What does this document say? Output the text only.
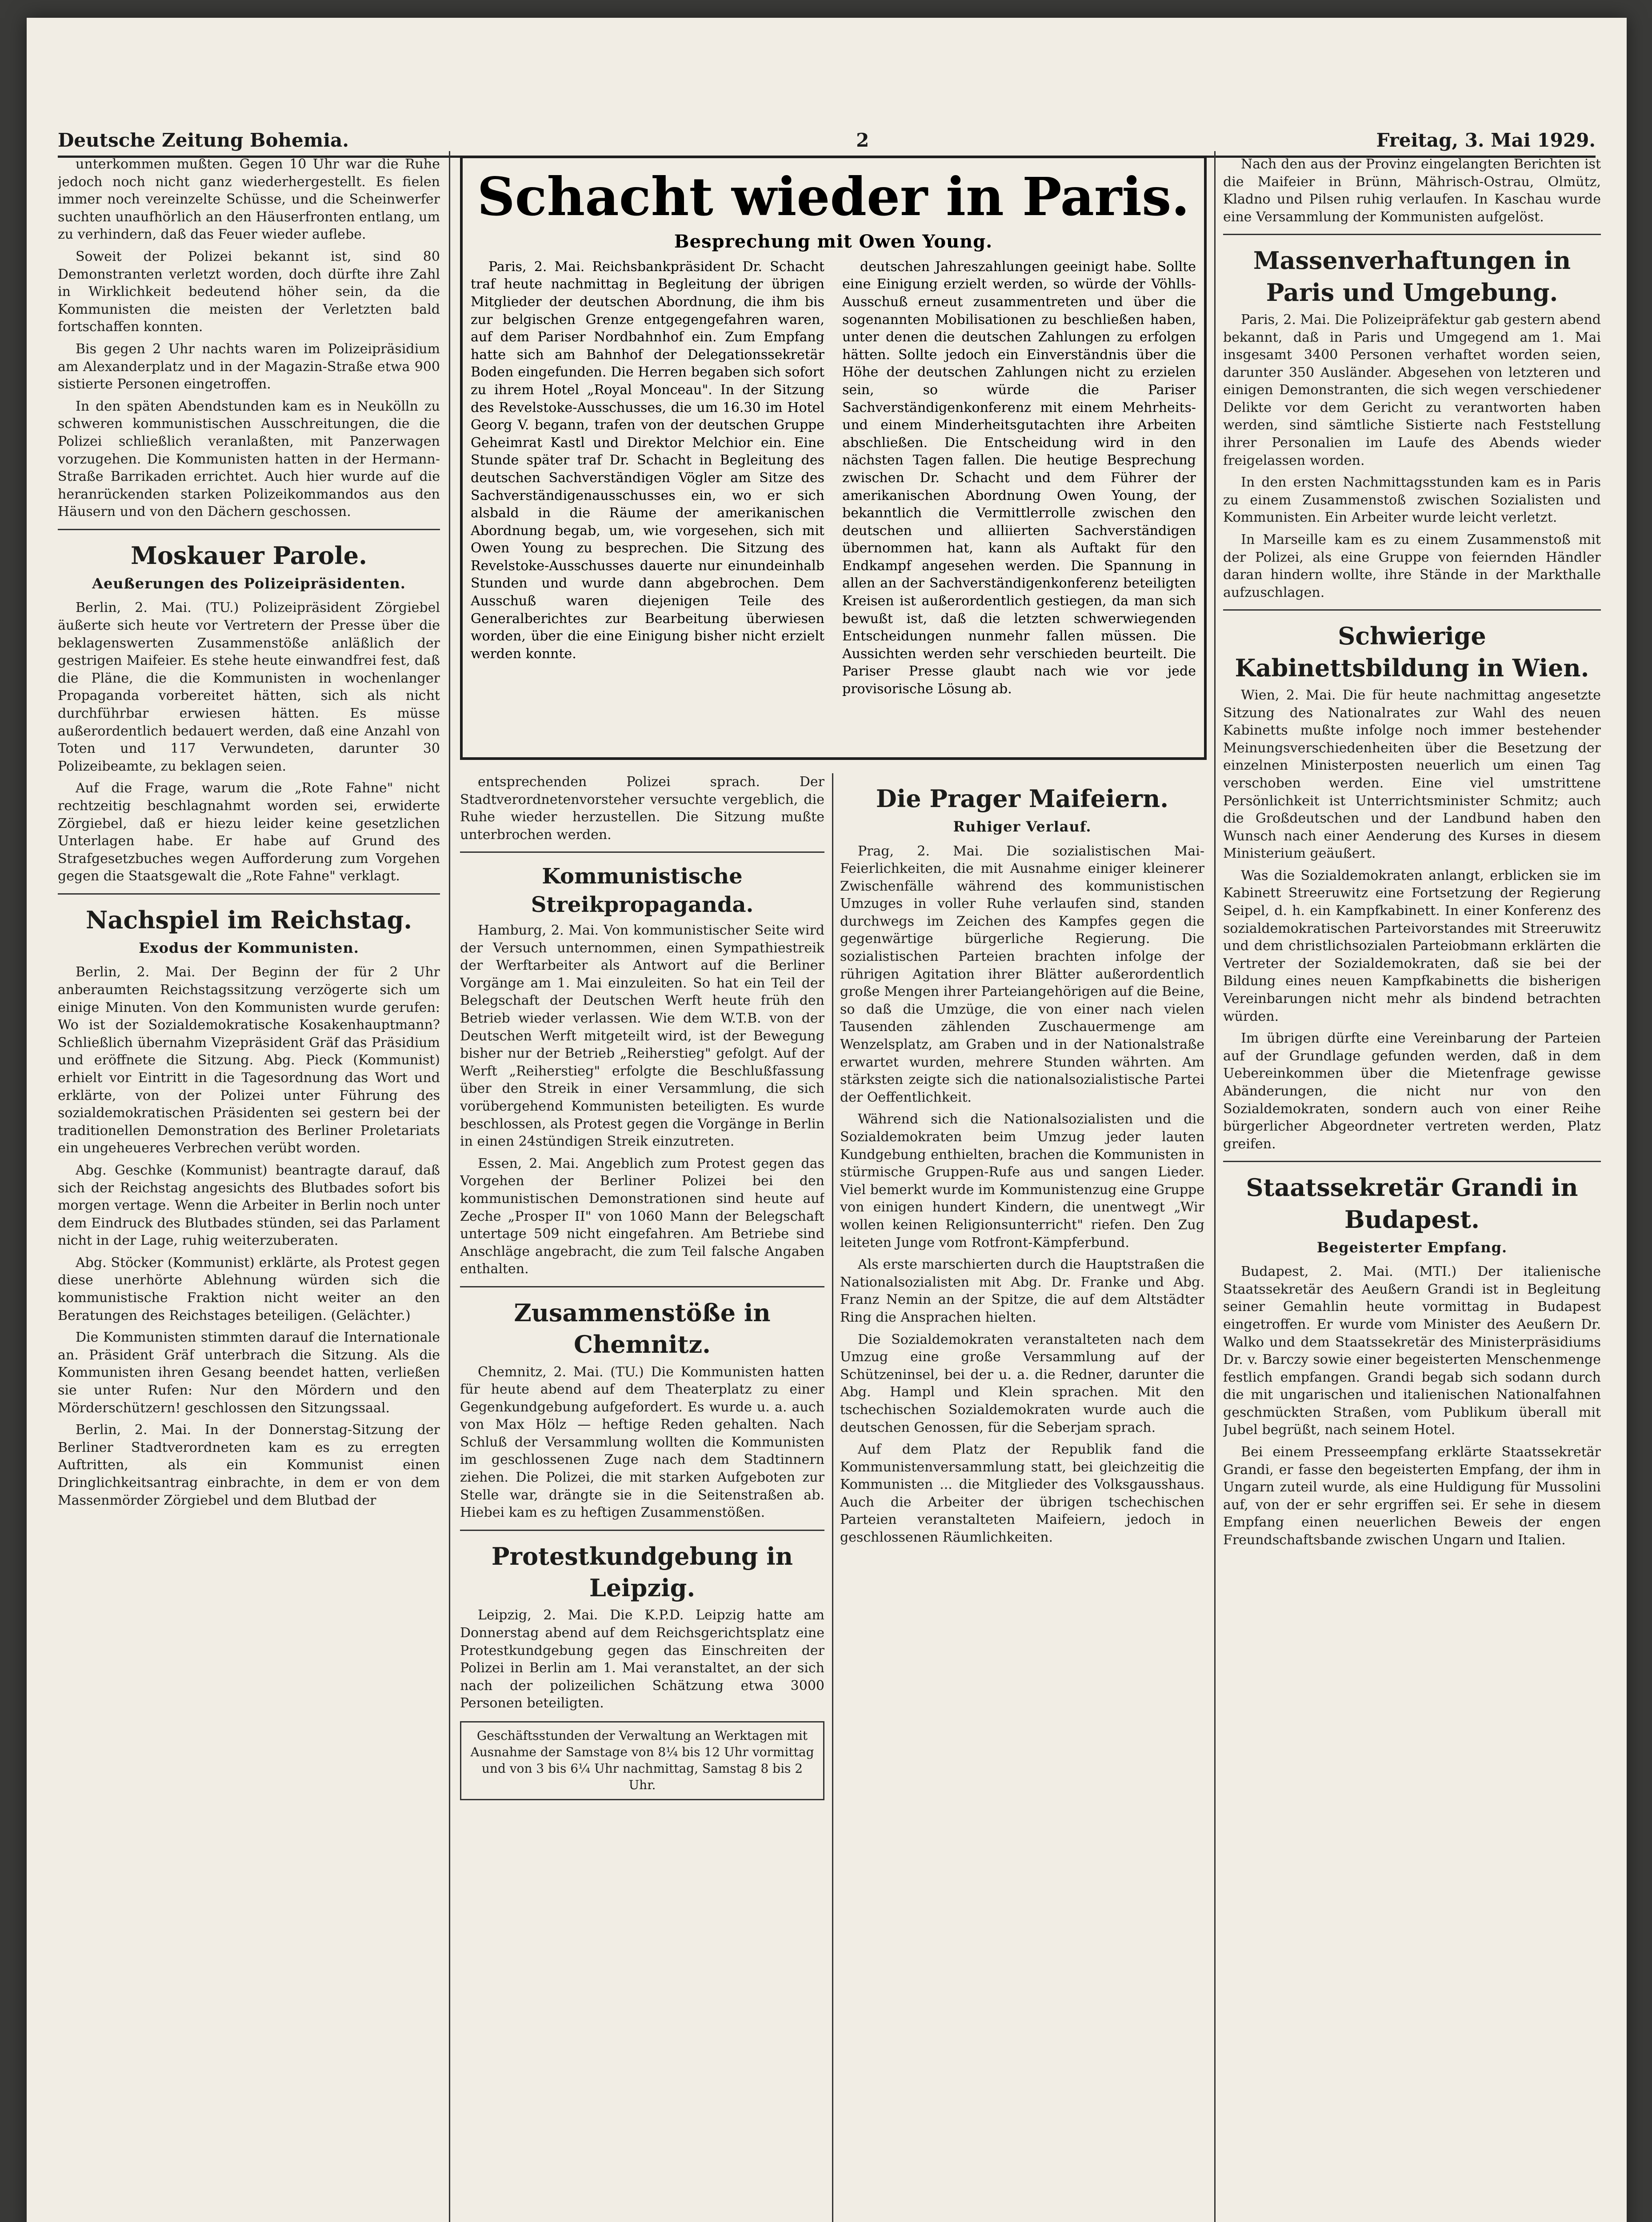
Deutsche Zeitung Bohemia.	2	Freitag, 3. Mai 1929.

unterkommen mußten. Gegen 10 Uhr war die Ruhe jedoch noch nicht ganz wiederhergestellt. Es fielen immer noch vereinzelte Schüsse, und die Scheinwerfer suchten unaufhörlich an den Häuserfronten entlang, um zu verhindern, daß das Feuer wieder auflebe.

Soweit der Polizei bekannt ist, sind 80 Demonstranten verletzt worden, doch dürfte ihre Zahl in Wirklichkeit bedeutend höher sein, da die Kommunisten die meisten der Verletzten bald fortschaffen konnten.

Bis gegen 2 Uhr nachts waren im Polizeipräsidium am Alexanderplatz und in der Magazin-Straße etwa 900 sistierte Personen eingetroffen.

In den späten Abendstunden kam es in Neukölln zu schweren kommunistischen Ausschreitungen, die die Polizei schließlich veranlaßten, mit Panzerwagen vorzugehen. Die Kommunisten hatten in der Hermann-Straße Barrikaden errichtet. Auch hier wurde auf die heranrückenden starken Polizeikommandos aus den Häusern und von den Dächern geschossen.

Moskauer Parole.
Aeußerungen des Polizeipräsidenten.

Berlin, 2. Mai. (TU.) Polizeipräsident Zörgiebel äußerte sich heute vor Vertretern der Presse über die beklagenswerten Zusammenstöße anläßlich der gestrigen Maifeier. Es stehe heute einwandfrei fest, daß die Pläne, die die Kommunisten in wochenlanger Propaganda vorbereitet hätten, sich als nicht durchführbar erwiesen hätten. Es müsse außerordentlich bedauert werden, daß eine Anzahl von Toten und 117 Verwundeten, darunter 30 Polizeibeamte, zu beklagen seien.

Auf die Frage, warum die „Rote Fahne" nicht rechtzeitig beschlagnahmt worden sei, erwiderte Zörgiebel, daß er hiezu leider keine gesetzlichen Unterlagen habe. Er habe auf Grund des Strafgesetzbuches wegen Aufforderung zum Vorgehen gegen die Staatsgewalt die „Rote Fahne" verklagt.

Nachspiel im Reichstag.
Exodus der Kommunisten.

Berlin, 2. Mai. Der Beginn der für 2 Uhr anberaumten Reichstagssitzung verzögerte sich um einige Minuten. Von den Kommunisten wurde gerufen: Wo ist der Sozialdemokratische Kosakenhauptmann? Schließlich übernahm Vizepräsident Gräf das Präsidium und eröffnete die Sitzung. Abg. Pieck (Kommunist) erhielt vor Eintritt in die Tagesordnung das Wort und erklärte, von der Polizei unter Führung des sozialdemokratischen Präsidenten sei gestern bei der traditionellen Demonstration des Berliner Proletariats ein ungeheueres Verbrechen verübt worden.

Abg. Geschke (Kommunist) beantragte darauf, daß sich der Reichstag angesichts des Blutbades sofort bis morgen vertage. Wenn die Arbeiter in Berlin noch unter dem Eindruck des Blutbades stünden, sei das Parlament nicht in der Lage, ruhig weiterzuberaten.

Abg. Stöcker (Kommunist) erklärte, als Protest gegen diese unerhörte Ablehnung würden sich die kommunistische Fraktion nicht weiter an den Beratungen des Reichstages beteiligen. (Gelächter.)

Die Kommunisten stimmten darauf die Internationale an. Präsident Gräf unterbrach die Sitzung. Als die Kommunisten ihren Gesang beendet hatten, verließen sie unter Rufen: Nur den Mördern und den Mörderschützern! geschlossen den Sitzungssaal.

Berlin, 2. Mai. In der Donnerstag-Sitzung der Berliner Stadtverordneten kam es zu erregten Auftritten, als ein Kommunist einen Dringlichkeitsantrag einbrachte, in dem er von dem Massenmörder Zörgiebel und dem Blutbad der

Schacht wieder in Paris.
Besprechung mit Owen Young.

Paris, 2. Mai. Reichsbankpräsident Dr. Schacht traf heute nachmittag in Begleitung der übrigen Mitglieder der deutschen Abordnung, die ihm bis zur belgischen Grenze entgegengefahren waren, auf dem Pariser Nordbahnhof ein. Zum Empfang hatte sich am Bahnhof der Delegationssekretär Boden eingefunden. Die Herren begaben sich sofort zu ihrem Hotel „Royal Monceau". In der Sitzung des Revelstoke-Ausschusses, die um 16.30 im Hotel Georg V. begann, trafen von der deutschen Gruppe Geheimrat Kastl und Direktor Melchior ein. Eine Stunde später traf Dr. Schacht in Begleitung des deutschen Sachverständigen Vögler am Sitze des Sachverständigenausschusses ein, wo er sich alsbald in die Räume der amerikanischen Abordnung begab, um, wie vorgesehen, sich mit Owen Young zu besprechen. Die Sitzung des Revelstoke-Ausschusses dauerte nur einundeinhalb Stunden und wurde dann abgebrochen. Dem Ausschuß waren diejenigen Teile des Generalberichtes zur Bearbeitung überwiesen worden, über die eine Einigung bisher nicht erzielt werden konnte.

deutschen Jahreszahlungen geeinigt habe. Sollte eine Einigung erzielt werden, so würde der Vöhlls-Ausschuß erneut zusammentreten und über die sogenannten Mobilisationen zu beschließen haben, unter denen die deutschen Zahlungen zu erfolgen hätten. Sollte jedoch ein Einverständnis über die Höhe der deutschen Zahlungen nicht zu erzielen sein, so würde die Pariser Sachverständigenkonferenz mit einem Mehrheits- und einem Minderheitsgutachten ihre Arbeiten abschließen. Die Entscheidung wird in den nächsten Tagen fallen. Die heutige Besprechung zwischen Dr. Schacht und dem Führer der amerikanischen Abordnung Owen Young, der bekanntlich die Vermittlerrolle zwischen den deutschen und alliierten Sachverständigen übernommen hat, kann als Auftakt für den Endkampf angesehen werden. Die Spannung in allen an der Sachverständigenkonferenz beteiligten Kreisen ist außerordentlich gestiegen, da man sich bewußt ist, daß die letzten schwerwiegenden Entscheidungen nunmehr fallen müssen. Die Aussichten werden sehr verschieden beurteilt. Die Pariser Presse glaubt nach wie vor jede provisorische Lösung ab.

entsprechenden Polizei sprach. Der Stadtverordnetenvorsteher versuchte vergeblich, die Ruhe wieder herzustellen. Die Sitzung mußte unterbrochen werden.

Kommunistische Streikpropaganda.

Hamburg, 2. Mai. Von kommunistischer Seite wird der Versuch unternommen, einen Sympathiestreik der Werftarbeiter als Antwort auf die Berliner Vorgänge am 1. Mai einzuleiten. So hat ein Teil der Belegschaft der Deutschen Werft heute früh den Betrieb wieder verlassen. Wie dem W.T.B. von der Deutschen Werft mitgeteilt wird, ist der Bewegung bisher nur der Betrieb „Reiherstieg" gefolgt. Auf der Werft „Reiherstieg" erfolgte die Beschlußfassung über den Streik in einer Versammlung, die sich vorübergehend Kommunisten beteiligten. Es wurde beschlossen, als Protest gegen die Vorgänge in Berlin in einen 24stündigen Streik einzutreten.

Essen, 2. Mai. Angeblich zum Protest gegen das Vorgehen der Berliner Polizei bei den kommunistischen Demonstrationen sind heute auf Zeche „Prosper II" von 1060 Mann der Belegschaft untertage 509 nicht eingefahren. Am Betriebe sind Anschläge angebracht, die zum Teil falsche Angaben enthalten.

Zusammenstöße in Chemnitz.

Chemnitz, 2. Mai. (TU.) Die Kommunisten hatten für heute abend auf dem Theaterplatz zu einer Gegenkundgebung aufgefordert. Es wurde u. a. auch von Max Hölz — heftige Reden gehalten. Nach Schluß der Versammlung wollten die Kommunisten im geschlossenen Zuge nach dem Stadtinnern ziehen. Die Polizei, die mit starken Aufgeboten zur Stelle war, drängte sie in die Seitenstraßen ab. Hiebei kam es zu heftigen Zusammenstößen.

Protestkundgebung in Leipzig.

Leipzig, 2. Mai. Die K.P.D. Leipzig hatte am Donnerstag abend auf dem Reichsgerichtsplatz eine Protestkundgebung gegen das Einschreiten der Polizei in Berlin am 1. Mai veranstaltet, an der sich nach der polizeilichen Schätzung etwa 3000 Personen beteiligten.

Geschäftsstunden der Verwaltung an Werktagen mit Ausnahme der Samstage von 8¼ bis 12 Uhr vormittag und von 3 bis 6¼ Uhr nachmittag, Samstag 8 bis 2 Uhr.
Die Prager Maifeiern.
Ruhiger Verlauf.

Prag, 2. Mai. Die sozialistischen Mai-Feierlichkeiten, die mit Ausnahme einiger kleinerer Zwischenfälle während des kommunistischen Umzuges in voller Ruhe verlaufen sind, standen durchwegs im Zeichen des Kampfes gegen die gegenwärtige bürgerliche Regierung. Die sozialistischen Parteien brachten infolge der rührigen Agitation ihrer Blätter außerordentlich große Mengen ihrer Parteiangehörigen auf die Beine, so daß die Umzüge, die von einer nach vielen Tausenden zählenden Zuschauermenge am Wenzelsplatz, am Graben und in der Nationalstraße erwartet wurden, mehrere Stunden währten. Am stärksten zeigte sich die nationalsozialistische Partei der Oeffentlichkeit.

Während sich die Nationalsozialisten und die Sozialdemokraten beim Umzug jeder lauten Kundgebung enthielten, brachen die Kommunisten in stürmische Gruppen-Rufe aus und sangen Lieder. Viel bemerkt wurde im Kommunistenzug eine Gruppe von einigen hundert Kindern, die unentwegt „Wir wollen keinen Religionsunterricht" riefen. Den Zug leiteten Junge vom Rotfront-Kämpferbund.

Als erste marschierten durch die Hauptstraßen die Nationalsozialisten mit Abg. Dr. Franke und Abg. Franz Nemin an der Spitze, die auf dem Altstädter Ring die Ansprachen hielten.

Die Sozialdemokraten veranstalteten nach dem Umzug eine große Versammlung auf der Schützeninsel, bei der u. a. die Redner, darunter die Abg. Hampl und Klein sprachen. Mit den tschechischen Sozialdemokraten wurde auch die deutschen Genossen, für die Seberjam sprach.

Auf dem Platz der Republik fand die Kommunistenversammlung statt, bei gleichzeitig die Kommunisten ... die Mitglieder des Volksgausshaus. Auch die Arbeiter der übrigen tschechischen Parteien veranstalteten Maifeiern, jedoch in geschlossenen Räumlichkeiten.

Nach den aus der Provinz eingelangten Berichten ist die Maifeier in Brünn, Mährisch-Ostrau, Olmütz, Kladno und Pilsen ruhig verlaufen. In Kaschau wurde eine Versammlung der Kommunisten aufgelöst.

Massenverhaftungen in Paris und Umgebung.

Paris, 2. Mai. Die Polizeipräfektur gab gestern abend bekannt, daß in Paris und Umgegend am 1. Mai insgesamt 3400 Personen verhaftet worden seien, darunter 350 Ausländer. Abgesehen von letzteren und einigen Demonstranten, die sich wegen verschiedener Delikte vor dem Gericht zu verantworten haben werden, sind sämtliche Sistierte nach Feststellung ihrer Personalien im Laufe des Abends wieder freigelassen worden.

In den ersten Nachmittagsstunden kam es in Paris zu einem Zusammenstoß zwischen Sozialisten und Kommunisten. Ein Arbeiter wurde leicht verletzt.

In Marseille kam es zu einem Zusammenstoß mit der Polizei, als eine Gruppe von feiernden Händler daran hindern wollte, ihre Stände in der Markthalle aufzuschlagen.

Schwierige Kabinettsbildung in Wien.

Wien, 2. Mai. Die für heute nachmittag angesetzte Sitzung des Nationalrates zur Wahl des neuen Kabinetts mußte infolge noch immer bestehender Meinungsverschiedenheiten über die Besetzung der einzelnen Ministerposten neuerlich um einen Tag verschoben werden. Eine viel umstrittene Persönlichkeit ist Unterrichtsminister Schmitz; auch die Großdeutschen und der Landbund haben den Wunsch nach einer Aenderung des Kurses in diesem Ministerium geäußert.

Was die Sozialdemokraten anlangt, erblicken sie im Kabinett Streeruwitz eine Fortsetzung der Regierung Seipel, d. h. ein Kampfkabinett. In einer Konferenz des sozialdemokratischen Parteivorstandes mit Streeruwitz und dem christlichsozialen Parteiobmann erklärten die Vertreter der Sozialdemokraten, daß sie bei der Bildung eines neuen Kampfkabinetts die bisherigen Vereinbarungen nicht mehr als bindend betrachten würden.

Im übrigen dürfte eine Vereinbarung der Parteien auf der Grundlage gefunden werden, daß in dem Uebereinkommen über die Mietenfrage gewisse Abänderungen, die nicht nur von den Sozialdemokraten, sondern auch von einer Reihe bürgerlicher Abgeordneter vertreten werden, Platz greifen.

Staatssekretär Grandi in Budapest.
Begeisterter Empfang.

Budapest, 2. Mai. (MTI.) Der italienische Staatssekretär des Aeußern Grandi ist in Begleitung seiner Gemahlin heute vormittag in Budapest eingetroffen. Er wurde vom Minister des Aeußern Dr. Walko und dem Staatssekretär des Ministerpräsidiums Dr. v. Barczy sowie einer begeisterten Menschenmenge festlich empfangen. Grandi begab sich sodann durch die mit ungarischen und italienischen Nationalfahnen geschmückten Straßen, vom Publikum überall mit Jubel begrüßt, nach seinem Hotel.

Bei einem Presseempfang erklärte Staatssekretär Grandi, er fasse den begeisterten Empfang, der ihm in Ungarn zuteil wurde, als eine Huldigung für Mussolini auf, von der er sehr ergriffen sei. Er sehe in diesem Empfang einen neuerlichen Beweis der engen Freundschaftsbande zwischen Ungarn und Italien.
